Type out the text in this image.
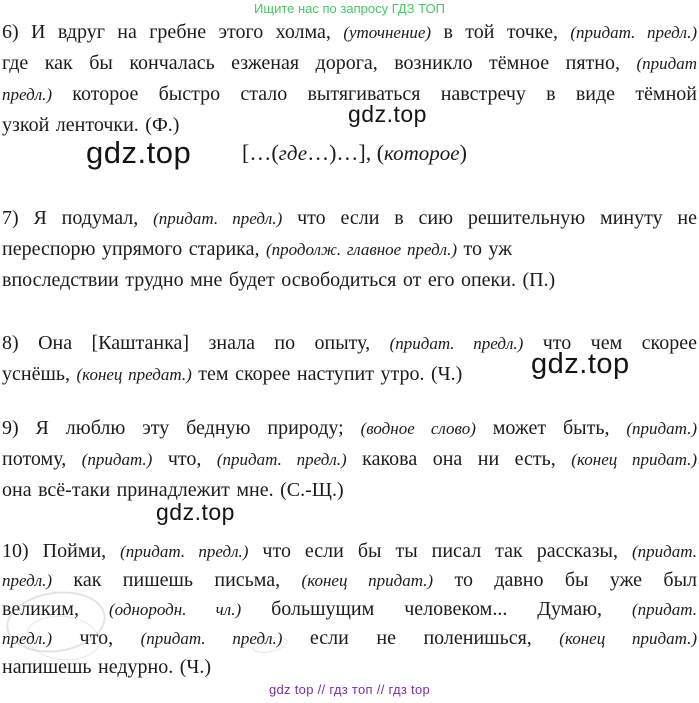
Ищите нас по запросу ГДЗ ТОП
6) И вдруг на гребне этого холма, (уточнение) в той точке, (придат. предл.)
где как бы кончалась езженая дорога, возникло тёмное пятно, (придат
предл.) которое быстро стало вытягиваться навстречу в виде тёмной
узкой ленточки. (Ф.)	gdz.top
gdz.top […(где…)…], (которое)
7) Я подумал, (придат. предл.) что если в сию решительную минуту не
переспорю упрямого старика, (продолж. главное предл.) то уж
впоследствии трудно мне будет освободиться от его опеки. (П.)
8) Она [Каштанка] знала по опыту, (придат. предл.) что чем скорее
уснёшь, (конец предат.) тем скорее наступит утро. (Ч.)	gdz.top
9) Я люблю эту бедную природу; (водное слово) может быть, (придат.)
потому, (придат.) что, (придат. предл.) какова она ни есть, (конец придат.)
она всё-таки принадлежит мне. (С.-Щ.)
gdz.top
10) Пойми, (придат. предл.) что если бы ты писал так рассказы, (придат.
предл.) как пишешь письма, (конец придат.) то давно бы уже был
великим, (однородн. чл.) большущим человеком... Думаю, (придат.
предл.) что, (придат. предл.) если не поленишься, (конец придат.)
напишешь недурно. (Ч.)
gdz top // гдз топ // гдз top
